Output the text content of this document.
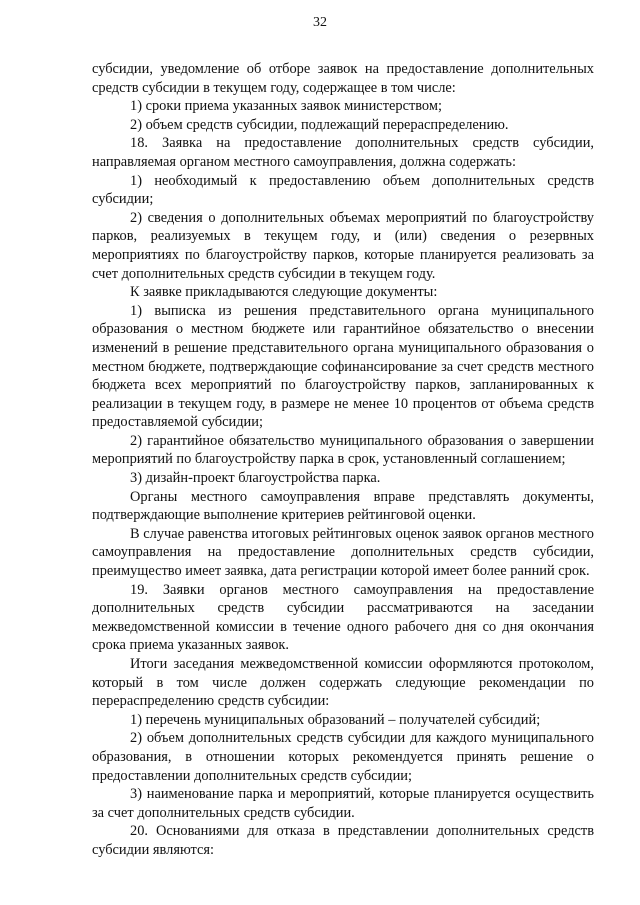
32

субсидии, уведомление об отборе заявок на предоставление дополнительных средств субсидии в текущем году, содержащее в том числе:

1) сроки приема указанных заявок министерством;

2) объем средств субсидии, подлежащий перераспределению.

18. Заявка на предоставление дополнительных средств субсидии, направляемая органом местного самоуправления, должна содержать:

1) необходимый к предоставлению объем дополнительных средств субсидии;

2) сведения о дополнительных объемах мероприятий по благоустройству парков, реализуемых в текущем году, и (или) сведения о резервных мероприятиях по благоустройству парков, которые планируется реализовать за счет дополнительных средств субсидии в текущем году.

К заявке прикладываются следующие документы:

1) выписка из решения представительного органа муниципального образования о местном бюджете или гарантийное обязательство о внесении изменений в решение представительного органа муниципального образования о местном бюджете, подтверждающие софинансирование за счет средств местного бюджета всех мероприятий по благоустройству парков, запланированных к реализации в текущем году, в размере не менее 10 процентов от объема средств предоставляемой субсидии;

2) гарантийное обязательство муниципального образования о завершении мероприятий по благоустройству парка в срок, установленный соглашением;

3) дизайн-проект благоустройства парка.

Органы местного самоуправления вправе представлять документы, подтверждающие выполнение критериев рейтинговой оценки.

В случае равенства итоговых рейтинговых оценок заявок органов местного самоуправления на предоставление дополнительных средств субсидии, преимущество имеет заявка, дата регистрации которой имеет более ранний срок.

19. Заявки органов местного самоуправления на предоставление дополнительных средств субсидии рассматриваются на заседании межведомственной комиссии в течение одного рабочего дня со дня окончания срока приема указанных заявок.

Итоги заседания межведомственной комиссии оформляются протоколом, который в том числе должен содержать следующие рекомендации по перераспределению средств субсидии:

1) перечень муниципальных образований – получателей субсидий;

2) объем дополнительных средств субсидии для каждого муниципального образования, в отношении которых рекомендуется принять решение о предоставлении дополнительных средств субсидии;

3) наименование парка и мероприятий, которые планируется осуществить за счет дополнительных средств субсидии.

20. Основаниями для отказа в представлении дополнительных средств субсидии являются:
